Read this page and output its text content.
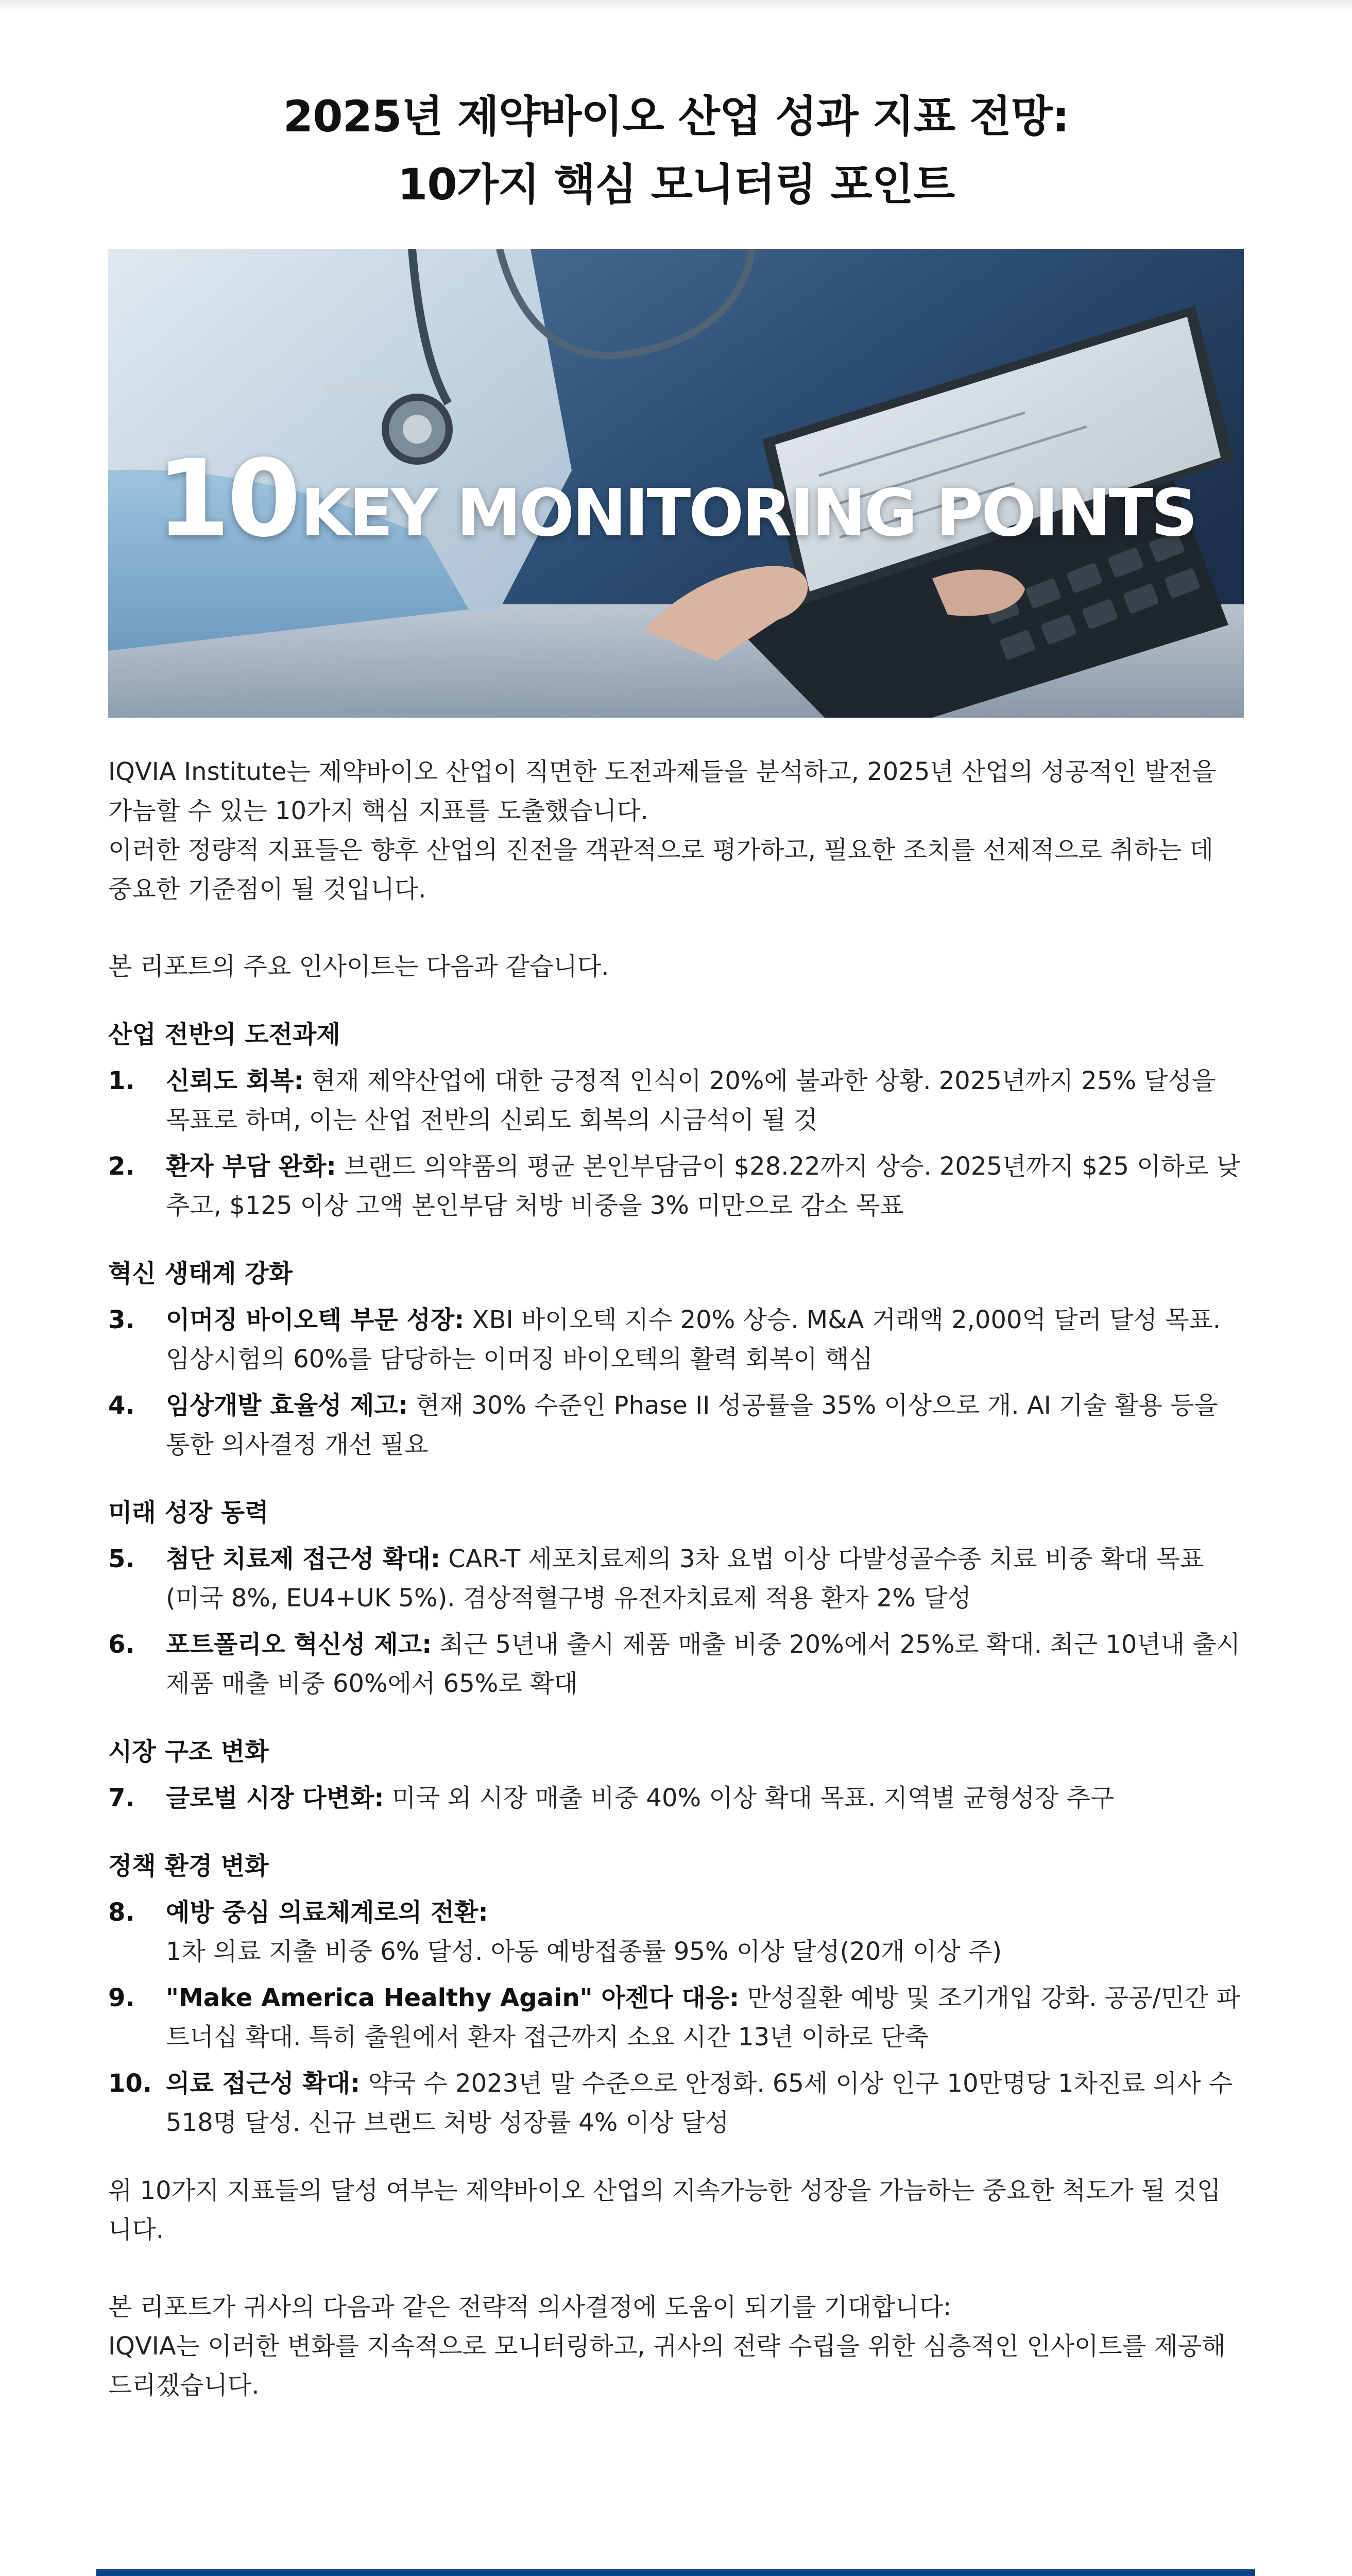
2025년 제약바이오 산업 성과 지표 전망:
10가지 핵심 모니터링 포인트
10 KEY MONITORING POINTS

IQVIA Institute는 제약바이오 산업이 직면한 도전과제들을 분석하고, 2025년 산업의 성공적인 발전을 가늠할 수 있는 10가지 핵심 지표를 도출했습니다.

이러한 정량적 지표들은 향후 산업의 진전을 객관적으로 평가하고, 필요한 조치를 선제적으로 취하는 데 중요한 기준점이 될 것입니다.

본 리포트의 주요 인사이트는 다음과 같습니다.

산업 전반의 도전과제

1.	신뢰도 회복: 현재 제약산업에 대한 긍정적 인식이 20%에 불과한 상황. 2025년까지 25% 달성을 목표로 하며, 이는 산업 전반의 신뢰도 회복의 시금석이 될 것
2.	환자 부담 완화: 브랜드 의약품의 평균 본인부담금이 $28.22까지 상승. 2025년까지 $25 이하로 낮추고, $125 이상 고액 본인부담 처방 비중을 3% 미만으로 감소 목표

혁신 생태계 강화

3.	이머징 바이오텍 부문 성장: XBI 바이오텍 지수 20% 상승. M&A 거래액 2,000억 달러 달성 목표. 임상시험의 60%를 담당하는 이머징 바이오텍의 활력 회복이 핵심
4.	임상개발 효율성 제고: 현재 30% 수준인 Phase II 성공률을 35% 이상으로 개. AI 기술 활용 등을 통한 의사결정 개선 필요

미래 성장 동력

5.	첨단 치료제 접근성 확대: CAR-T 세포치료제의 3차 요법 이상 다발성골수종 치료 비중 확대 목표 (미국 8%, EU4+UK 5%). 겸상적혈구병 유전자치료제 적용 환자 2% 달성
6.	포트폴리오 혁신성 제고: 최근 5년내 출시 제품 매출 비중 20%에서 25%로 확대. 최근 10년내 출시 제품 매출 비중 60%에서 65%로 확대

시장 구조 변화

7.	글로벌 시장 다변화: 미국 외 시장 매출 비중 40% 이상 확대 목표. 지역별 균형성장 추구

정책 환경 변화

8.	예방 중심 의료체계로의 전환:
1차 의료 지출 비중 6% 달성. 아동 예방접종률 95% 이상 달성(20개 이상 주)
9.	"Make America Healthy Again" 아젠다 대응: 만성질환 예방 및 조기개입 강화. 공공/민간 파트너십 확대. 특히 출원에서 환자 접근까지 소요 시간 13년 이하로 단축
10. 의료 접근성 확대: 약국 수 2023년 말 수준으로 안정화. 65세 이상 인구 10만명당 1차진료 의사 수 518명 달성. 신규 브랜드 처방 성장률 4% 이상 달성

위 10가지 지표들의 달성 여부는 제약바이오 산업의 지속가능한 성장을 가늠하는 중요한 척도가 될 것입니다.

본 리포트가 귀사의 다음과 같은 전략적 의사결정에 도움이 되기를 기대합니다:

IQVIA는 이러한 변화를 지속적으로 모니터링하고, 귀사의 전략 수립을 위한 심층적인 인사이트를 제공해 드리겠습니다.
